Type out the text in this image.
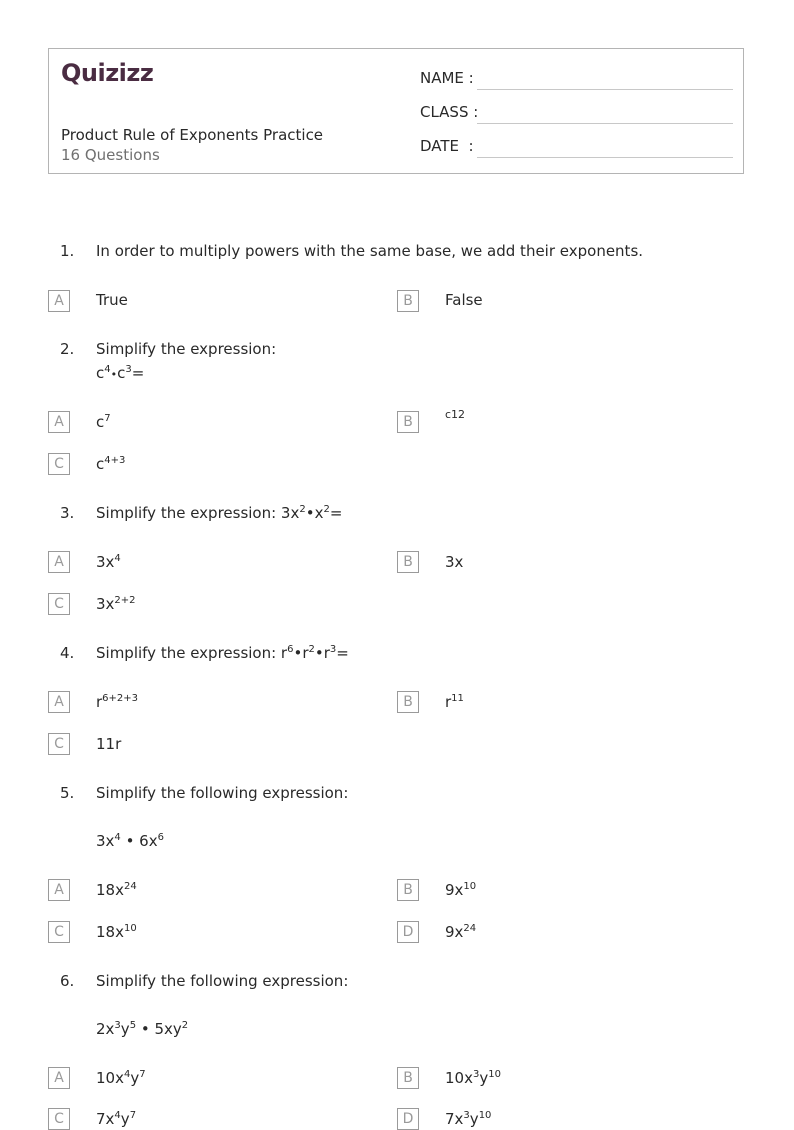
Quizizz
Product Rule of Exponents Practice
16 Questions
NAME :
CLASS :
DATE  :
1. In order to multiply powers with the same base, we add their exponents.
A	True	B	False
2. Simplify the expression:
$c^4•c^3=$
A	$c^7$	B	c12
C	$c^{4+3}$
3. Simplify the expression: $3x^2•x^2=$
A	$3x^4$	B	3x
C	$3x^{2+2}$
4. Simplify the expression: $r^6•r^2•r^3=$
A	$r^{6+2+3}$	B	$r^{11}$
C	11r
5. Simplify the following expression:
$3x^4$ • $6x^6$
A	$18x^{24}$	B	$9x^{10}$
C	$18x^{10}$	D	$9x^{24}$
6. Simplify the following expression:
$2x^3y^5$ • $5xy^2$
A	$10x^4y^7$	B	$10x^3y^{10}$
C	$7x^4y^7$	D	$7x^3y^{10}$
